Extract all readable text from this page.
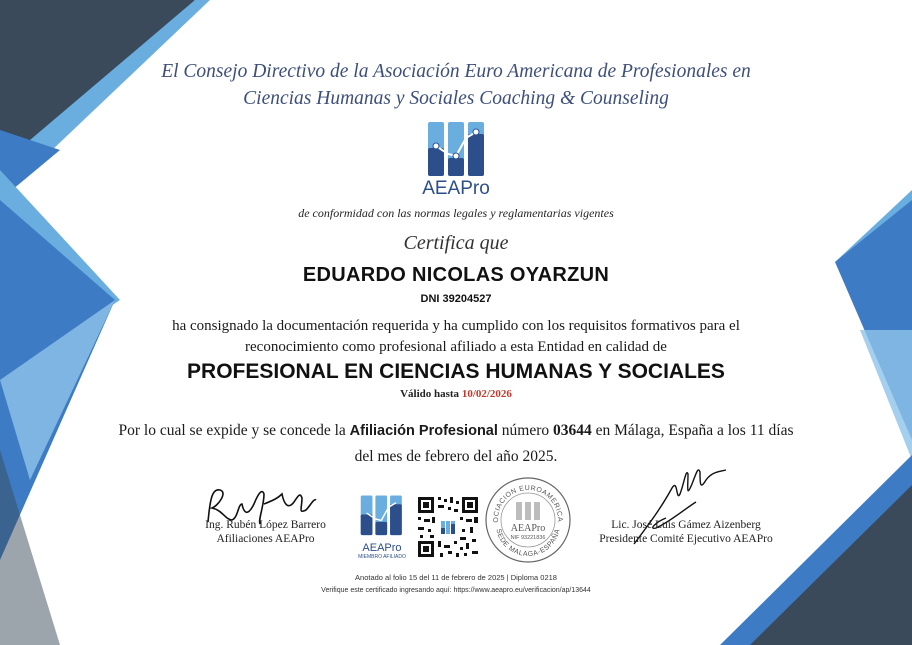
El Consejo Directivo de la Asociación Euro Americana de Profesionales en
Ciencias Humanas y Sociales Coaching & Counseling
AEAPro
de conformidad con las normas legales y reglamentarias vigentes
Certifica que
EDUARDO NICOLAS OYARZUN
DNI 39204527
ha consignado la documentación requerida y ha cumplido con los requisitos formativos para el
reconocimiento como profesional afiliado a esta Entidad en calidad de
PROFESIONAL EN CIENCIAS HUMANAS Y SOCIALES
Válido hasta 10/02/2026
Por lo cual se expide y se concede la Afiliación Profesional número 03644 en Málaga, España a los 11 días
del mes de febrero del año 2025.
Ing. Rubén López Barrero
Afiliaciones AEAPro
AEAPro
MIEMBRO AFILIADO
OCIACION EUROAMERICA
SEDE MALAGA-ESPAÑA
AEAPro
NIF 93221836
Lic. José Luis Gámez Aizenberg
Presidente Comité Ejecutivo AEAPro
Anotado al folio 15 del 11 de febrero de 2025 | Diploma 0218
Verifique este certificado ingresando aquí: https://www.aeapro.eu/verificacion/ap/13644
